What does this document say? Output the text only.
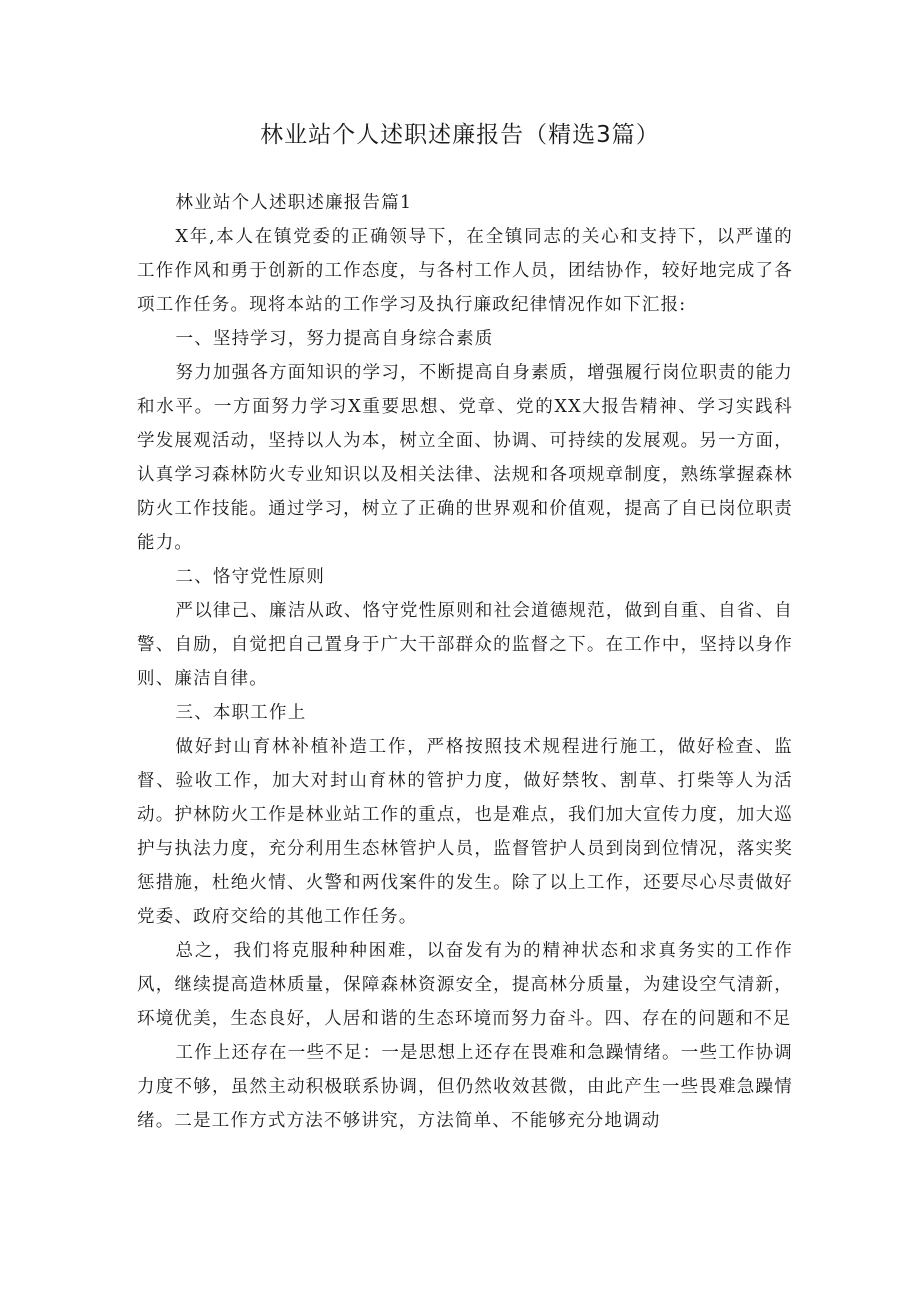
林业站个人述职述廉报告（精选3篇）

林业站个人述职述廉报告篇1

X年,本人在镇党委的正确领导下，在全镇同志的关心和支持下，以严谨的工作作风和勇于创新的工作态度，与各村工作人员，团结协作，较好地完成了各项工作任务。现将本站的工作学习及执行廉政纪律情况作如下汇报:

一、坚持学习，努力提高自身综合素质

努力加强各方面知识的学习，不断提高自身素质，增强履行岗位职责的能力和水平。一方面努力学习X重要思想、党章、党的XX大报告精神、学习实践科学发展观活动，坚持以人为本，树立全面、协调、可持续的发展观。另一方面，认真学习森林防火专业知识以及相关法律、法规和各项规章制度，熟练掌握森林防火工作技能。通过学习，树立了正确的世界观和价值观，提高了自已岗位职责能力。

二、恪守党性原则

严以律己、廉洁从政、恪守党性原则和社会道德规范，做到自重、自省、自警、自励，自觉把自己置身于广大干部群众的监督之下。在工作中，坚持以身作则、廉洁自律。

三、本职工作上

做好封山育林补植补造工作，严格按照技术规程进行施工，做好检查、监督、验收工作，加大对封山育林的管护力度，做好禁牧、割草、打柴等人为活动。护林防火工作是林业站工作的重点，也是难点，我们加大宣传力度，加大巡护与执法力度，充分利用生态林管护人员，监督管护人员到岗到位情况，落实奖惩措施，杜绝火情、火警和两伐案件的发生。除了以上工作，还要尽心尽责做好党委、政府交给的其他工作任务。

总之，我们将克服种种困难，以奋发有为的精神状态和求真务实的工作作风，继续提高造林质量，保障森林资源安全，提高林分质量，为建设空气清新，环境优美，生态良好，人居和谐的生态环境而努力奋斗。四、存在的问题和不足

工作上还存在一些不足：一是思想上还存在畏难和急躁情绪。一些工作协调力度不够，虽然主动积极联系协调，但仍然收效甚微，由此产生一些畏难急躁情绪。二是工作方式方法不够讲究，方法简单、不能够充分地调动
